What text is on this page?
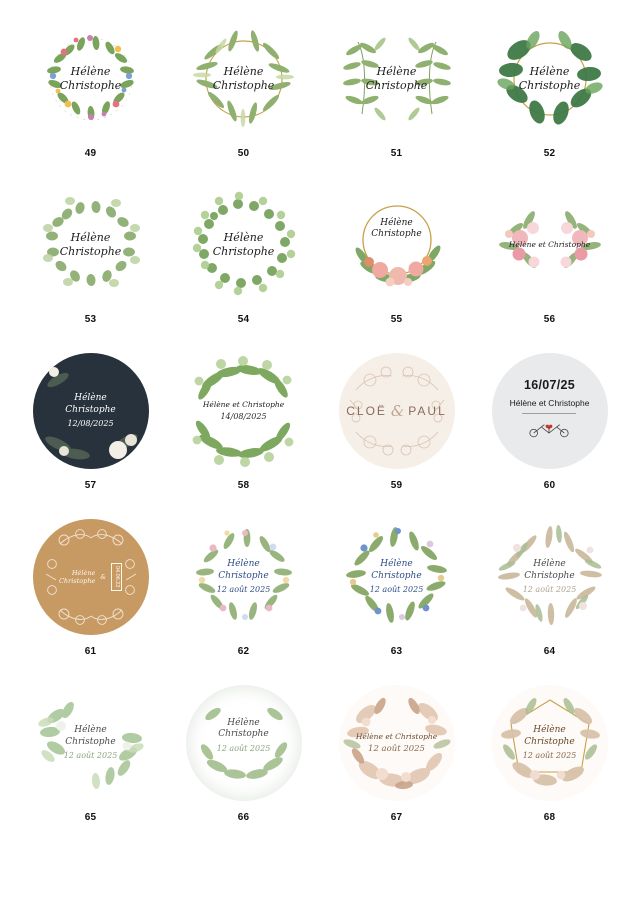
Hélène
Christophe
49
Hélène
Christophe
50
Hélène
Christophe
51
Hélène
Christophe
52
Hélène
Christophe
53
Hélène
Christophe
54
Hélène
Christophe
55
Hélène et Christophe
56
Hélène
Christophe
12/08/2025
57
Hélène et Christophe
14/08/2025
58
CLOË & PAUL
59
16/07/25
Hélène et Christophe
60
Hélène
Christophe
&	04.06.22
61
Hélène
Christophe
12 août 2025
62
Hélène
Christophe
12 août 2025
63
Hélène
Christophe
12 août 2025
64
Hélène
Christophe
12 août 2025
65
Hélène
Christophe
12 août 2025
66
Hélène et Christophe
12 août 2025
67
Hélène
Christophe
12 août 2025
68
